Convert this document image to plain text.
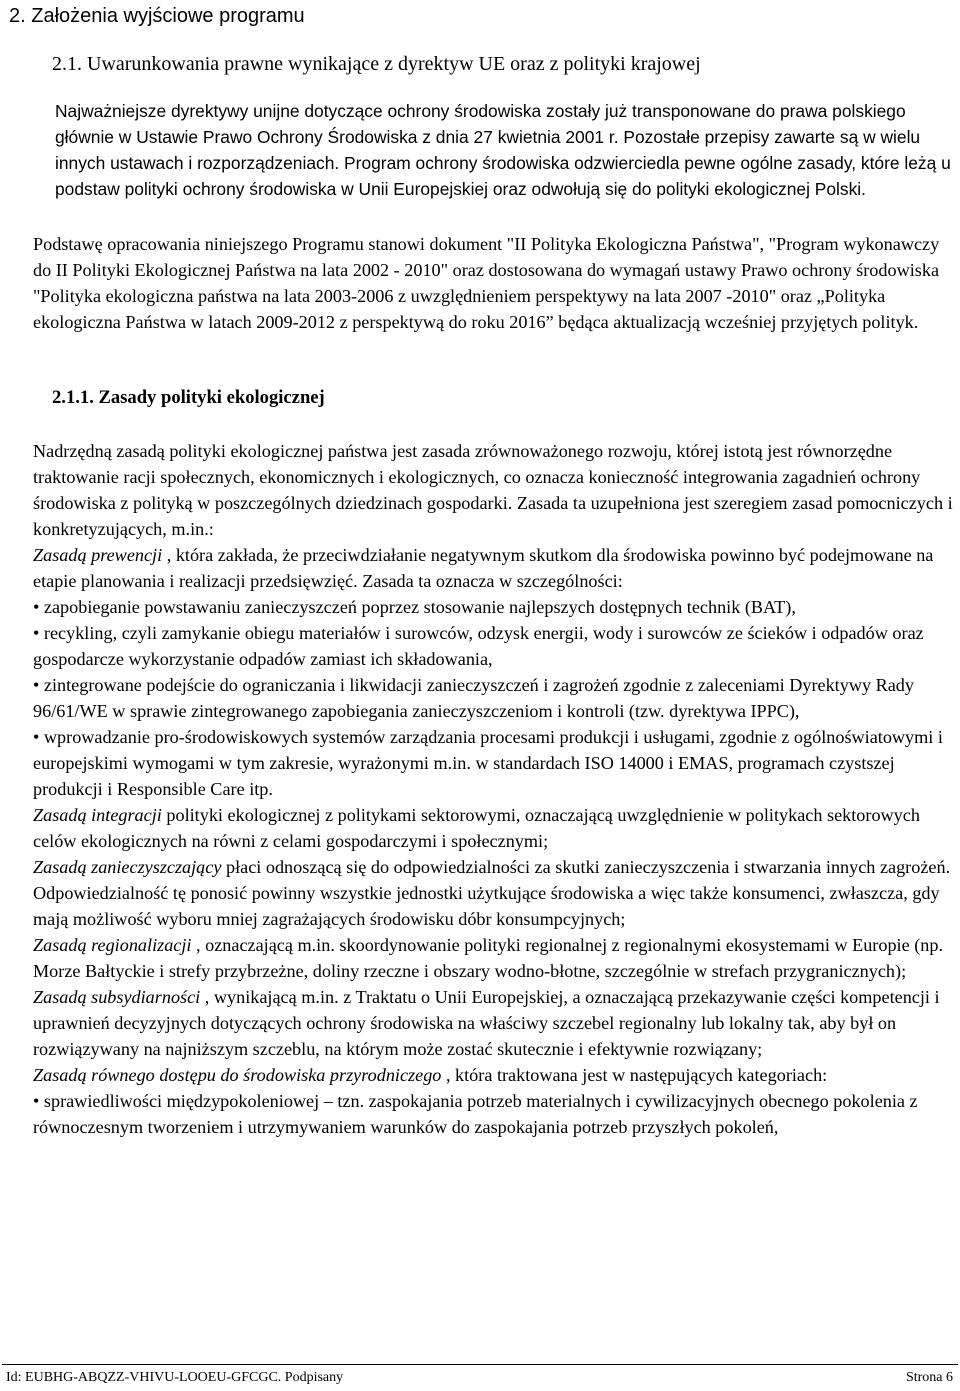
2. Założenia wyjściowe programu
2.1. Uwarunkowania prawne wynikające z dyrektyw UE oraz z polityki krajowej

Najważniejsze dyrektywy unijne dotyczące ochrony środowiska zostały już transponowane do prawa polskiego głównie w Ustawie Prawo Ochrony Środowiska z dnia 27 kwietnia 2001 r. Pozostałe przepisy zawarte są w wielu innych ustawach i rozporządzeniach. Program ochrony środowiska odzwierciedla pewne ogólne zasady, które leżą u podstaw polityki ochrony środowiska w Unii Europejskiej oraz odwołują się do polityki ekologicznej Polski.

Podstawę opracowania niniejszego Programu stanowi dokument "II Polityka Ekologiczna Państwa", "Program wykonawczy do II Polityki Ekologicznej Państwa na lata 2002 - 2010" oraz dostosowana do wymagań ustawy Prawo ochrony środowiska "Polityka ekologiczna państwa na lata 2003-2006 z uwzględnieniem perspektywy na lata 2007 -2010" oraz „Polityka ekologiczna Państwa w latach 2009-2012 z perspektywą do roku 2016” będąca aktualizacją wcześniej przyjętych polityk.

2.1.1. Zasady polityki ekologicznej

Nadrzędną zasadą polityki ekologicznej państwa jest zasada zrównoważonego rozwoju, której istotą jest równorzędne traktowanie racji społecznych, ekonomicznych i ekologicznych, co oznacza konieczność integrowania zagadnień ochrony środowiska z polityką w poszczególnych dziedzinach gospodarki. Zasada ta uzupełniona jest szeregiem zasad pomocniczych i konkretyzujących, m.in.:

Zasadą prewencji , która zakłada, że przeciwdziałanie negatywnym skutkom dla środowiska powinno być podejmowane na etapie planowania i realizacji przedsięwzięć. Zasada ta oznacza w szczególności:

• zapobieganie powstawaniu zanieczyszczeń poprzez stosowanie najlepszych dostępnych technik (BAT),

• recykling, czyli zamykanie obiegu materiałów i surowców, odzysk energii, wody i surowców ze ścieków i odpadów oraz gospodarcze wykorzystanie odpadów zamiast ich składowania,

• zintegrowane podejście do ograniczania i likwidacji zanieczyszczeń i zagrożeń zgodnie z zaleceniami Dyrektywy Rady 96/61/WE w sprawie zintegrowanego zapobiegania zanieczyszczeniom i kontroli (tzw. dyrektywa IPPC),

• wprowadzanie pro-środowiskowych systemów zarządzania procesami produkcji i usługami, zgodnie z ogólnoświatowymi i europejskimi wymogami w tym zakresie, wyrażonymi m.in. w standardach ISO 14000 i EMAS, programach czystszej produkcji i Responsible Care itp.

Zasadą integracji polityki ekologicznej z politykami sektorowymi, oznaczającą uwzględnienie w politykach sektorowych celów ekologicznych na równi z celami gospodarczymi i społecznymi;

Zasadą zanieczyszczający płaci odnoszącą się do odpowiedzialności za skutki zanieczyszczenia i stwarzania innych zagrożeń. Odpowiedzialność tę ponosić powinny wszystkie jednostki użytkujące środowiska a więc także konsumenci, zwłaszcza, gdy mają możliwość wyboru mniej zagrażających środowisku dóbr konsumpcyjnych;

Zasadą regionalizacji , oznaczającą m.in. skoordynowanie polityki regionalnej z regionalnymi ekosystemami w Europie (np. Morze Bałtyckie i strefy przybrzeżne, doliny rzeczne i obszary wodno-błotne, szczególnie w strefach przygranicznych);

Zasadą subsydiarności , wynikającą m.in. z Traktatu o Unii Europejskiej, a oznaczającą przekazywanie części kompetencji i uprawnień decyzyjnych dotyczących ochrony środowiska na właściwy szczebel regionalny lub lokalny tak, aby był on rozwiązywany na najniższym szczeblu, na którym może zostać skutecznie i efektywnie rozwiązany;

Zasadą równego dostępu do środowiska przyrodniczego , która traktowana jest w następujących kategoriach:

• sprawiedliwości międzypokoleniowej – tzn. zaspokajania potrzeb materialnych i cywilizacyjnych obecnego pokolenia z równoczesnym tworzeniem i utrzymywaniem warunków do zaspokajania potrzeb przyszłych pokoleń,

Id: EUBHG-ABQZZ-VHIVU-LOOEU-GFCGC. Podpisany	Strona 6
